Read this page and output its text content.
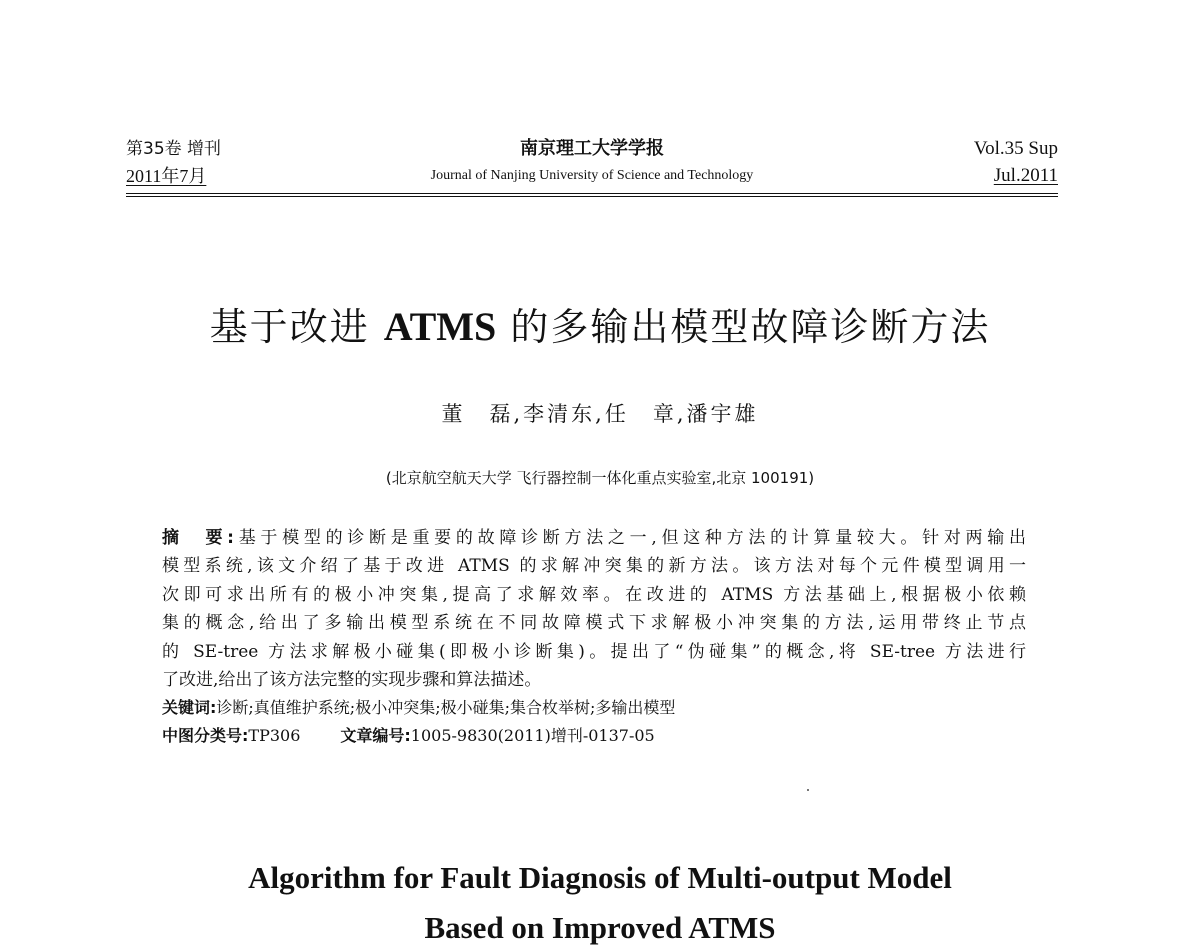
第35卷 增刊
2011年7月
南京理工大学学报
Journal of Nanjing University of Science and Technology
Vol.35 Sup
Jul.2011
基于改进 ATMS 的多输出模型故障诊断方法
董　磊,李清东,任　章,潘宇雄
(北京航空航天大学 飞行器控制一体化重点实验室,北京 100191)
摘　要:基于模型的诊断是重要的故障诊断方法之一,但这种方法的计算量较大。针对两输出
模型系统,该文介绍了基于改进 ATMS 的求解冲突集的新方法。该方法对每个元件模型调用一
次即可求出所有的极小冲突集,提高了求解效率。在改进的 ATMS 方法基础上,根据极小依赖
集的概念,给出了多输出模型系统在不同故障模式下求解极小冲突集的方法,运用带终止节点
的 SE-tree 方法求解极小碰集(即极小诊断集)。提出了“伪碰集”的概念,将 SE-tree 方法进行
了改进,给出了该方法完整的实现步骤和算法描述。
关键词:诊断;真值维护系统;极小冲突集;极小碰集;集合枚举树;多输出模型
中图分类号:TP306	文章编号:1005-9830(2011)增刊-0137-05
Algorithm for Fault Diagnosis of Multi-output Model
Based on Improved ATMS
